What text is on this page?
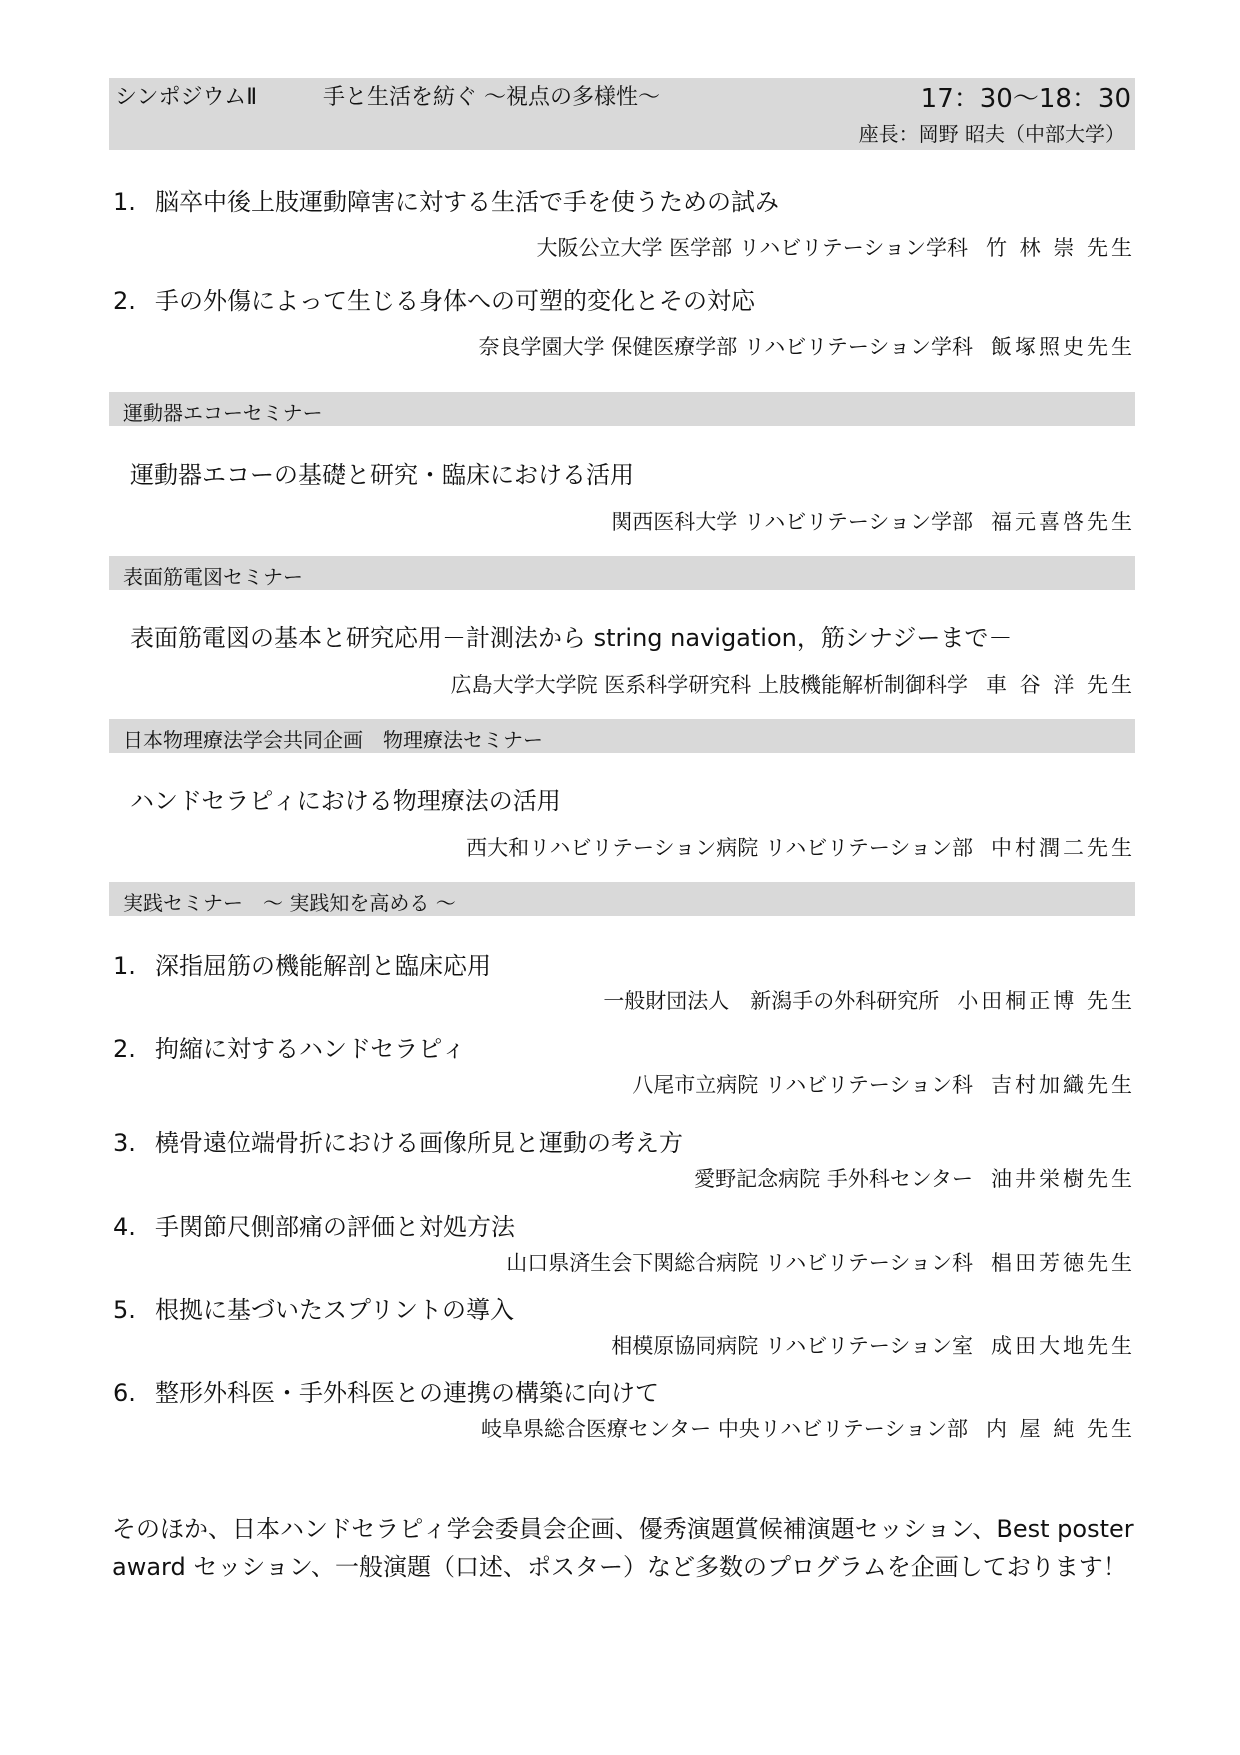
シンポジウムⅡ	手と生活を紡ぐ ～視点の多様性～	17：30～18：30
座長：岡野 昭夫（中部大学）
1. 脳卒中後上肢運動障害に対する生活で手を使うための試み
大阪公立大学 医学部 リハビリテーション学科 竹 林 崇 先生
2. 手の外傷によって生じる身体への可塑的変化とその対応
奈良学園大学 保健医療学部 リハビリテーション学科 飯塚照史先生
運動器エコーセミナー
運動器エコーの基礎と研究・臨床における活用
関西医科大学 リハビリテーション学部 福元喜啓先生
表面筋電図セミナー
表面筋電図の基本と研究応用－計測法から string navigation，筋シナジーまで－
広島大学大学院 医系科学研究科 上肢機能解析制御科学 車 谷 洋 先生
日本物理療法学会共同企画　物理療法セミナー
ハンドセラピィにおける物理療法の活用
西大和リハビリテーション病院 リハビリテーション部 中村潤二先生
実践セミナー　～ 実践知を高める ～
1. 深指屈筋の機能解剖と臨床応用
一般財団法人　新潟手の外科研究所 小田桐正博 先生
2. 拘縮に対するハンドセラピィ
八尾市立病院 リハビリテーション科 吉村加織先生
3. 橈骨遠位端骨折における画像所見と運動の考え方
愛野記念病院 手外科センター 油井栄樹先生
4. 手関節尺側部痛の評価と対処方法
山口県済生会下関総合病院 リハビリテーション科 椙田芳徳先生
5. 根拠に基づいたスプリントの導入
相模原協同病院 リハビリテーション室 成田大地先生
6. 整形外科医・手外科医との連携の構築に向けて
岐阜県総合医療センター 中央リハビリテーション部 内 屋 純 先生
そのほか、日本ハンドセラピィ学会委員会企画、優秀演題賞候補演題セッション、Best poster award セッション、一般演題（口述、ポスター）など多数のプログラムを企画しております！
